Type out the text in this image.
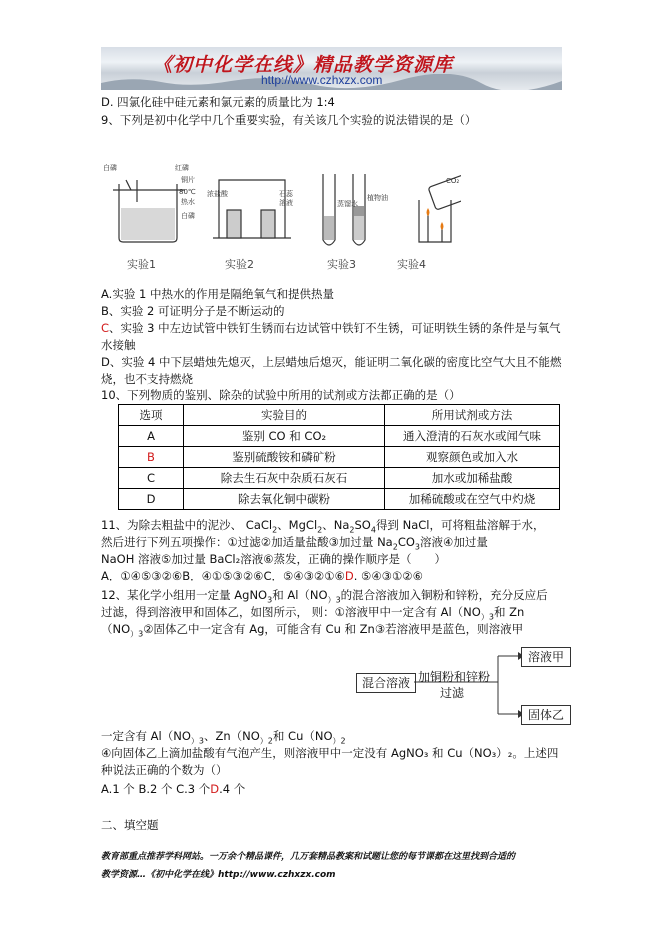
《初中化学在线》精品教学资源库
http://www.czhxzx.com
D. 四氯化硅中硅元素和氯元素的质量比为 1:4
9、下列是初中化学中几个重要实验，有关该几个实验的说法错误的是（）
白磷	红磷
铜片
80℃
热水
白磷
浓盐酸	石蕊
溶液	蒸馏水
植物油
CO₂
实验1	实验2	实验3	实验4
A.实验 1 中热水的作用是隔绝氧气和提供热量
B、实验 2 可证明分子是不断运动的
C、实验 3 中左边试管中铁钉生锈而右边试管中铁钉不生锈，可证明铁生锈的条件是与氧气
水接触
D、实验 4 中下层蜡烛先熄灭，上层蜡烛后熄灭，能证明二氧化碳的密度比空气大且不能燃
烧，也不支持燃烧
10、下列物质的鉴别、除杂的试验中所用的试剂或方法都正确的是（）
选项	实验目的	所用试剂或方法
A	鉴别 CO 和 CO₂	通入澄清的石灰水或闻气味
B	鉴别硫酸铵和磷矿粉	观察颜色或加入水
C	除去生石灰中杂质石灰石	加水或加稀盐酸
D	除去氧化铜中碳粉	加稀硫酸或在空气中灼烧
11、为除去粗盐中的泥沙、 CaCl$_2$、MgCl$_2$、$Na_2SO_4$得到 NaCl，可将粗盐溶解于水，
然后进行下列五项操作：①过滤②加适量盐酸③加过量 $Na_2CO_3$溶液④加过量
NaOH 溶液⑤加过量 BaCl₂溶液⑥蒸发，正确的操作顺序是（　　）
A．①④⑤③②⑥B．④①⑤③②⑥C．⑤④③②①⑥D. ⑤④③①②⑥
12、某化学小组用一定量 AgNO$_3$和 $Al(NO_{)3}$的混合溶液加入铜粉和锌粉，充分反应后
过滤，得到溶液甲和固体乙，如图所示， 则：①溶液甲中一定含有 $Al(NO_{)3}$和 Zn
（$NO_{)3}②$固体乙中一定含有 Ag，可能含有 Cu 和 Zn③若溶液甲是蓝色，则溶液甲
混合溶液 加铜粉和锌粉
过滤
溶液甲
固体乙
一定含有 $Al(NO_{)3}$、$Zn(NO_{)2}$和 $Cu(NO_{)2}$
④向固体乙上滴加盐酸有气泡产生，则溶液甲中一定没有 AgNO₃ 和 Cu（NO₃）₂。上述四
种说法正确的个数为（）
A.1 个 B.2 个 C.3 个D.4 个
二、填空题
教育部重点推荐学科网站。一万余个精品课件，几万套精品教案和试题让您的每节课都在这里找到合适的
教学资源…《初中化学在线》http://www.czhxzx.com
